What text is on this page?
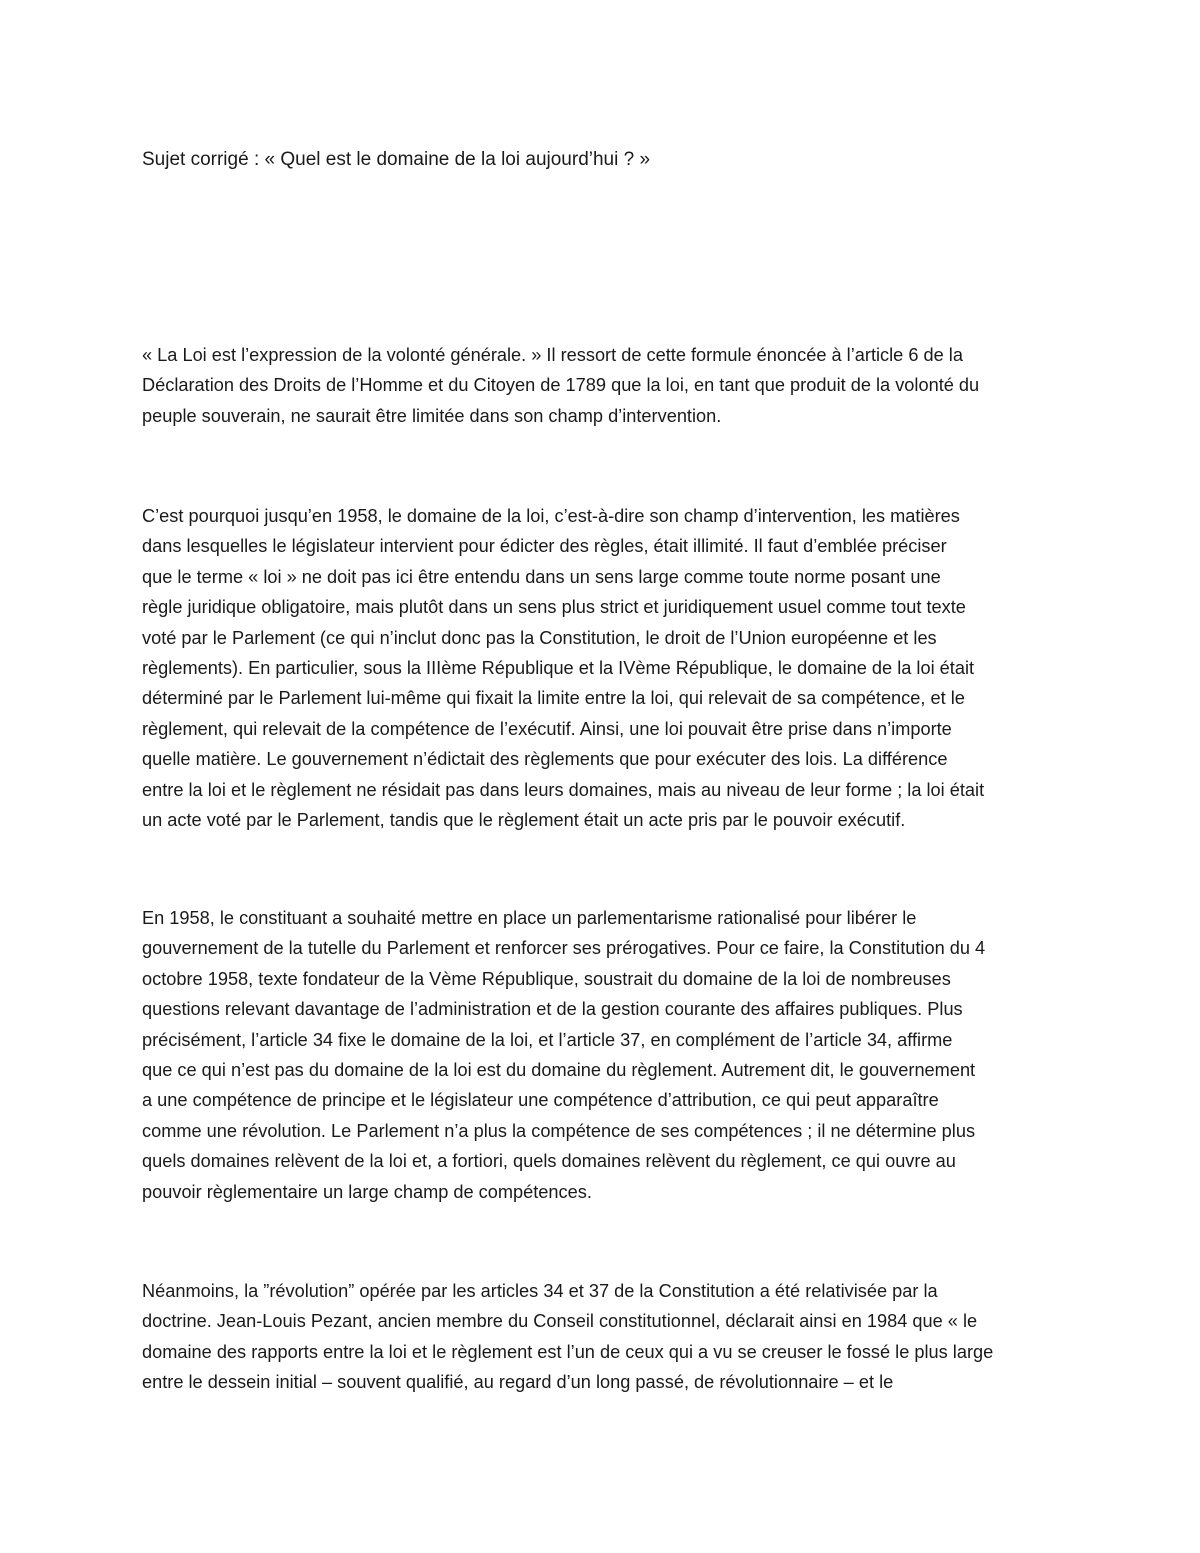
Sujet corrigé : « Quel est le domaine de la loi aujourd’hui ? »

« La Loi est l’expression de la volonté générale. » Il ressort de cette formule énoncée à l’article 6 de la
Déclaration des Droits de l’Homme et du Citoyen de 1789 que la loi, en tant que produit de la volonté du
peuple souverain, ne saurait être limitée dans son champ d’intervention.

C’est pourquoi jusqu’en 1958, le domaine de la loi, c’est-à-dire son champ d’intervention, les matières
dans lesquelles le législateur intervient pour édicter des règles, était illimité. Il faut d’emblée préciser
que le terme « loi » ne doit pas ici être entendu dans un sens large comme toute norme posant une
règle juridique obligatoire, mais plutôt dans un sens plus strict et juridiquement usuel comme tout texte
voté par le Parlement (ce qui n’inclut donc pas la Constitution, le droit de l’Union européenne et les
règlements). En particulier, sous la IIIème République et la IVème République, le domaine de la loi était
déterminé par le Parlement lui-même qui fixait la limite entre la loi, qui relevait de sa compétence, et le
règlement, qui relevait de la compétence de l’exécutif. Ainsi, une loi pouvait être prise dans n’importe
quelle matière. Le gouvernement n’édictait des règlements que pour exécuter des lois. La différence
entre la loi et le règlement ne résidait pas dans leurs domaines, mais au niveau de leur forme ; la loi était
un acte voté par le Parlement, tandis que le règlement était un acte pris par le pouvoir exécutif.

En 1958, le constituant a souhaité mettre en place un parlementarisme rationalisé pour libérer le
gouvernement de la tutelle du Parlement et renforcer ses prérogatives. Pour ce faire, la Constitution du 4
octobre 1958, texte fondateur de la Vème République, soustrait du domaine de la loi de nombreuses
questions relevant davantage de l’administration et de la gestion courante des affaires publiques. Plus
précisément, l’article 34 fixe le domaine de la loi, et l’article 37, en complément de l’article 34, affirme
que ce qui n’est pas du domaine de la loi est du domaine du règlement. Autrement dit, le gouvernement
a une compétence de principe et le législateur une compétence d’attribution, ce qui peut apparaître
comme une révolution. Le Parlement n’a plus la compétence de ses compétences ; il ne détermine plus
quels domaines relèvent de la loi et, a fortiori, quels domaines relèvent du règlement, ce qui ouvre au
pouvoir règlementaire un large champ de compétences.

Néanmoins, la ”révolution” opérée par les articles 34 et 37 de la Constitution a été relativisée par la
doctrine. Jean-Louis Pezant, ancien membre du Conseil constitutionnel, déclarait ainsi en 1984 que « le
domaine des rapports entre la loi et le règlement est l’un de ceux qui a vu se creuser le fossé le plus large
entre le dessein initial – souvent qualifié, au regard d’un long passé, de révolutionnaire – et le
